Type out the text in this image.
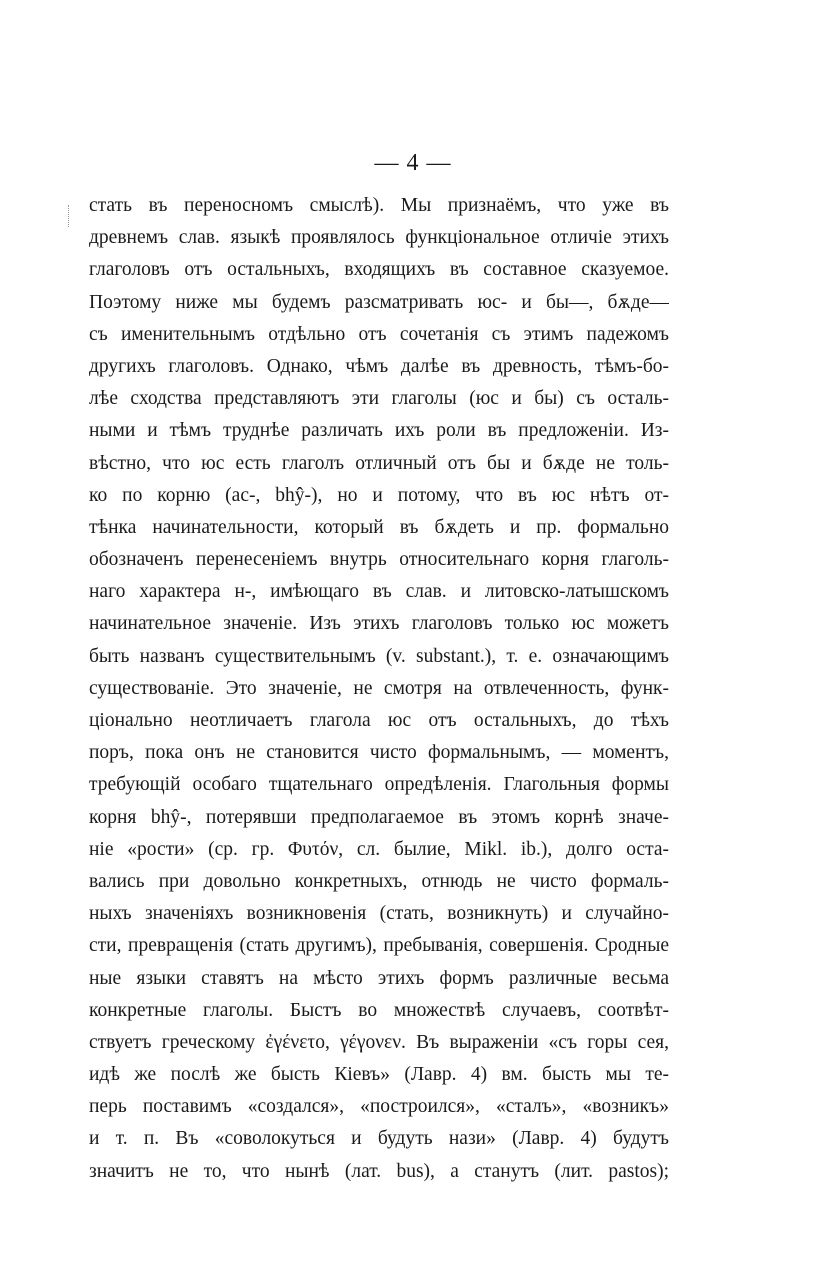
— 4 —
стать въ переносномъ смыслѣ). Мы признаёмъ, что уже въ
древнемъ слав. языкѣ проявлялось функціональное отличіе этихъ
глаголовъ отъ остальныхъ, входящихъ въ составное сказуемое.
Поэтому ниже мы будемъ разсматривать юс- и бы—, бѫде—
съ именительнымъ отдѣльно отъ сочетанія съ этимъ падежомъ
другихъ глаголовъ. Однако, чѣмъ далѣе въ древность, тѣмъ-бо-
лѣе сходства представляютъ эти глаголы (юс и бы) съ осталь-
ными и тѣмъ труднѣе различать ихъ роли въ предложеніи. Из-
вѣстно, что юс есть глаголъ отличный отъ бы и бѫде не толь-
ко по корню (ас-, bhŷ-), но и потому, что въ юс нѣтъ от-
тѣнка начинательности, который въ бѫдеть и пр. формально
обозначенъ перенесеніемъ внутрь относительнаго корня глаголь-
наго характера н-, имѣющаго въ слав. и литовско-латышскомъ
начинательное значеніе. Изъ этихъ глаголовъ только юс можетъ
быть названъ существительнымъ (v. substant.), т. е. означающимъ
существованіе. Это значеніе, не смотря на отвлеченность, функ-
ціонально неотличаетъ глагола юс отъ остальныхъ, до тѣхъ
поръ, пока онъ не становится чисто формальнымъ, — моментъ,
требующій особаго тщательнаго опредѣленія. Глагольныя формы
корня bhŷ-, потерявши предполагаемое въ этомъ корнѣ значе-
ніе «рости» (ср. гр. Φυτόν, сл. былие, Mikl. ib.), долго оста-
вались при довольно конкретныхъ, отнюдь не чисто формаль-
ныхъ значеніяхъ возникновенія (стать, возникнуть) и случайно-
сти, превращенія (стать другимъ), пребыванія, совершенія. Сродные
ные языки ставятъ на мѣсто этихъ формъ различные весьма
конкретные глаголы. Быстъ во множествѣ случаевъ, соотвѣт-
ствуетъ греческому ἐγένετο, γέγονεν. Въ выраженіи «съ горы сея,
идѣ же послѣ же бысть Кіевъ» (Лавр. 4) вм. бысть мы те-
перь поставимъ «создался», «построился», «сталъ», «возникъ»
и т. п. Въ «соволокуться и будуть нази» (Лавр. 4) будутъ
значитъ не то, что нынѣ (лат. bus), а станутъ (лит. pastos);
